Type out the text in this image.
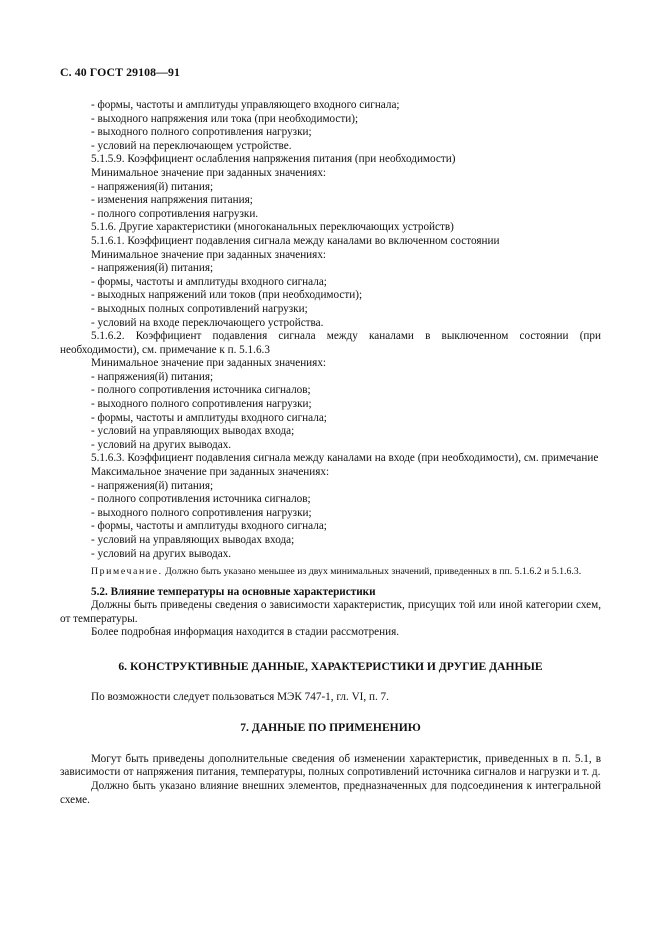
С. 40 ГОСТ 29108—91
- формы, частоты и амплитуды управляющего входного сигнала;
- выходного напряжения или тока (при необходимости);
- выходного полного сопротивления нагрузки;
- условий на переключающем устройстве.
5.1.5.9. Коэффициент ослабления напряжения питания (при необходимости)
Минимальное значение при заданных значениях:
- напряжения(й) питания;
- изменения напряжения питания;
- полного сопротивления нагрузки.
5.1.6. Другие характеристики (многоканальных переключающих устройств)
5.1.6.1. Коэффициент подавления сигнала между каналами во включенном состоянии
Минимальное значение при заданных значениях:
- напряжения(й) питания;
- формы, частоты и амплитуды входного сигнала;
- выходных напряжений или токов (при необходимости);
- выходных полных сопротивлений нагрузки;
- условий на входе переключающего устройства.
5.1.6.2. Коэффициент подавления сигнала между каналами в выключенном состоянии (при необходимости), см. примечание к п. 5.1.6.3
Минимальное значение при заданных значениях:
- напряжения(й) питания;
- полного сопротивления источника сигналов;
- выходного полного сопротивления нагрузки;
- формы, частоты и амплитуды входного сигнала;
- условий на управляющих выводах входа;
- условий на других выводах.
5.1.6.3. Коэффициент подавления сигнала между каналами на входе (при необходимости), см. примечание
Максимальное значение при заданных значениях:
- напряжения(й) питания;
- полного сопротивления источника сигналов;
- выходного полного сопротивления нагрузки;
- формы, частоты и амплитуды входного сигнала;
- условий на управляющих выводах входа;
- условий на других выводах.
Примечание. Должно быть указано меньшее из двух минимальных значений, приведенных в пп. 5.1.6.2 и 5.1.6.3.
5.2. Влияние температуры на основные характеристики
Должны быть приведены сведения о зависимости характеристик, присущих той или иной категории схем, от температуры.
Более подробная информация находится в стадии рассмотрения.
6. КОНСТРУКТИВНЫЕ ДАННЫЕ, ХАРАКТЕРИСТИКИ И ДРУГИЕ ДАННЫЕ
По возможности следует пользоваться МЭК 747-1, гл. VI, п. 7.
7. ДАННЫЕ ПО ПРИМЕНЕНИЮ
Могут быть приведены дополнительные сведения об изменении характеристик, приведенных в п. 5.1, в зависимости от напряжения питания, температуры, полных сопротивлений источника сигналов и нагрузки и т. д.
Должно быть указано влияние внешних элементов, предназначенных для подсоединения к интегральной схеме.
